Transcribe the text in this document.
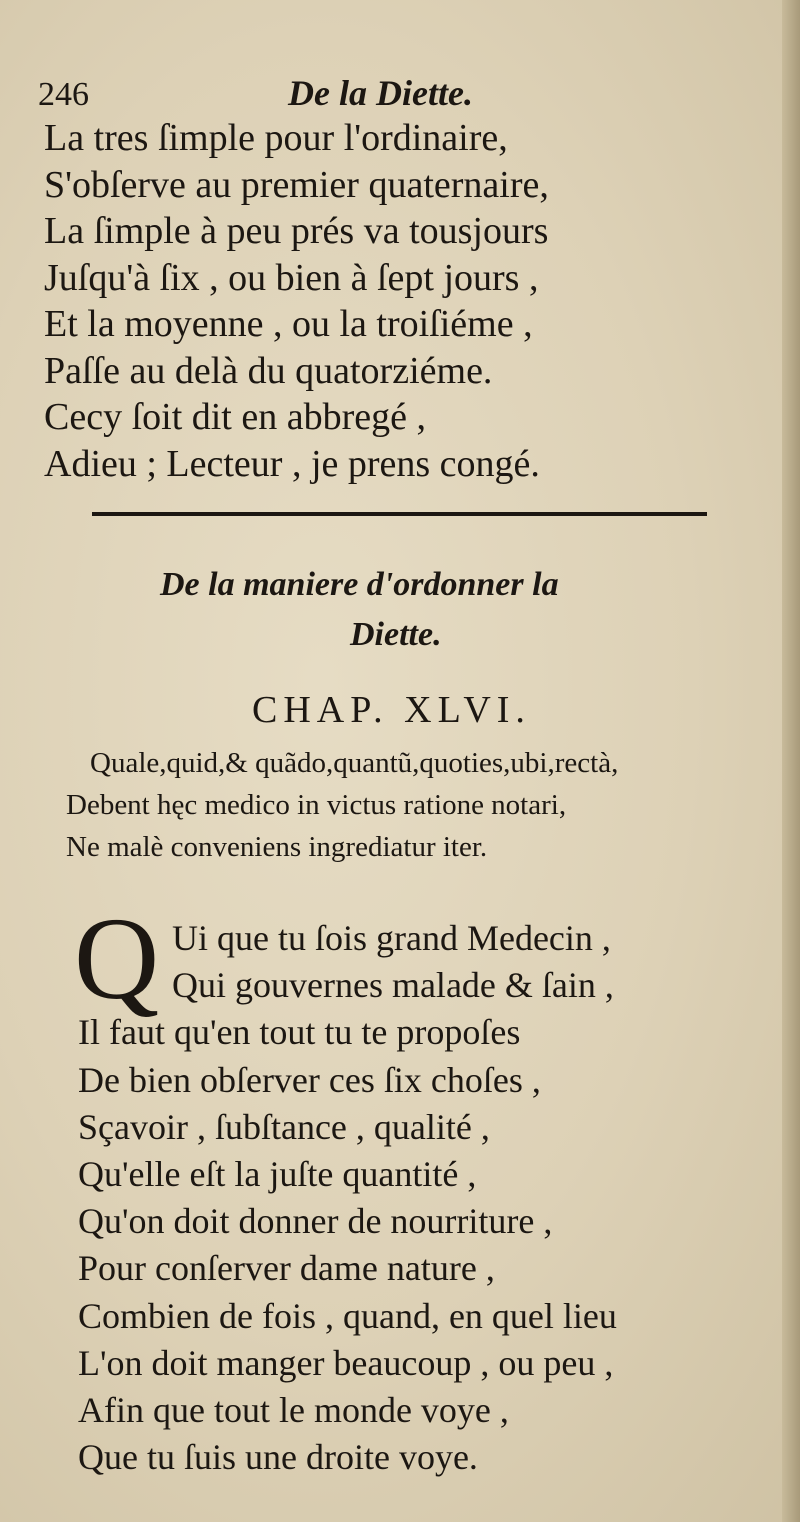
246	De la Diette.
La tres ſimple pour l'ordinaire,
S'obſerve au premier quaternaire,
La ſimple à peu prés va tousjours
Juſqu'à ſix , ou bien à ſept jours ,
Et la moyenne , ou la troiſiéme ,
Paſſe au delà du quatorziéme.
Cecy ſoit dit en abbregé ,
Adieu ; Lecteur , je prens congé.
De la maniere d'ordonner la
Diette.
CHAP. XLVI.
Quale,quid,& quãdo,quantũ,quoties,ubi,rectà,
Debent hęc medico in victus ratione notari,
Ne malè conveniens ingrediatur iter.
Q Ui que tu ſois grand Medecin ,
Qui gouvernes malade & ſain ,
Il faut qu'en tout tu te propoſes
De bien obſerver ces ſix choſes ,
Sçavoir , ſubſtance , qualité ,
Qu'elle eſt la juſte quantité ,
Qu'on doit donner de nourriture ,
Pour conſerver dame nature ,
Combien de fois , quand, en quel lieu
L'on doit manger beaucoup , ou peu ,
Afin que tout le monde voye ,
Que tu ſuis une droite voye.
